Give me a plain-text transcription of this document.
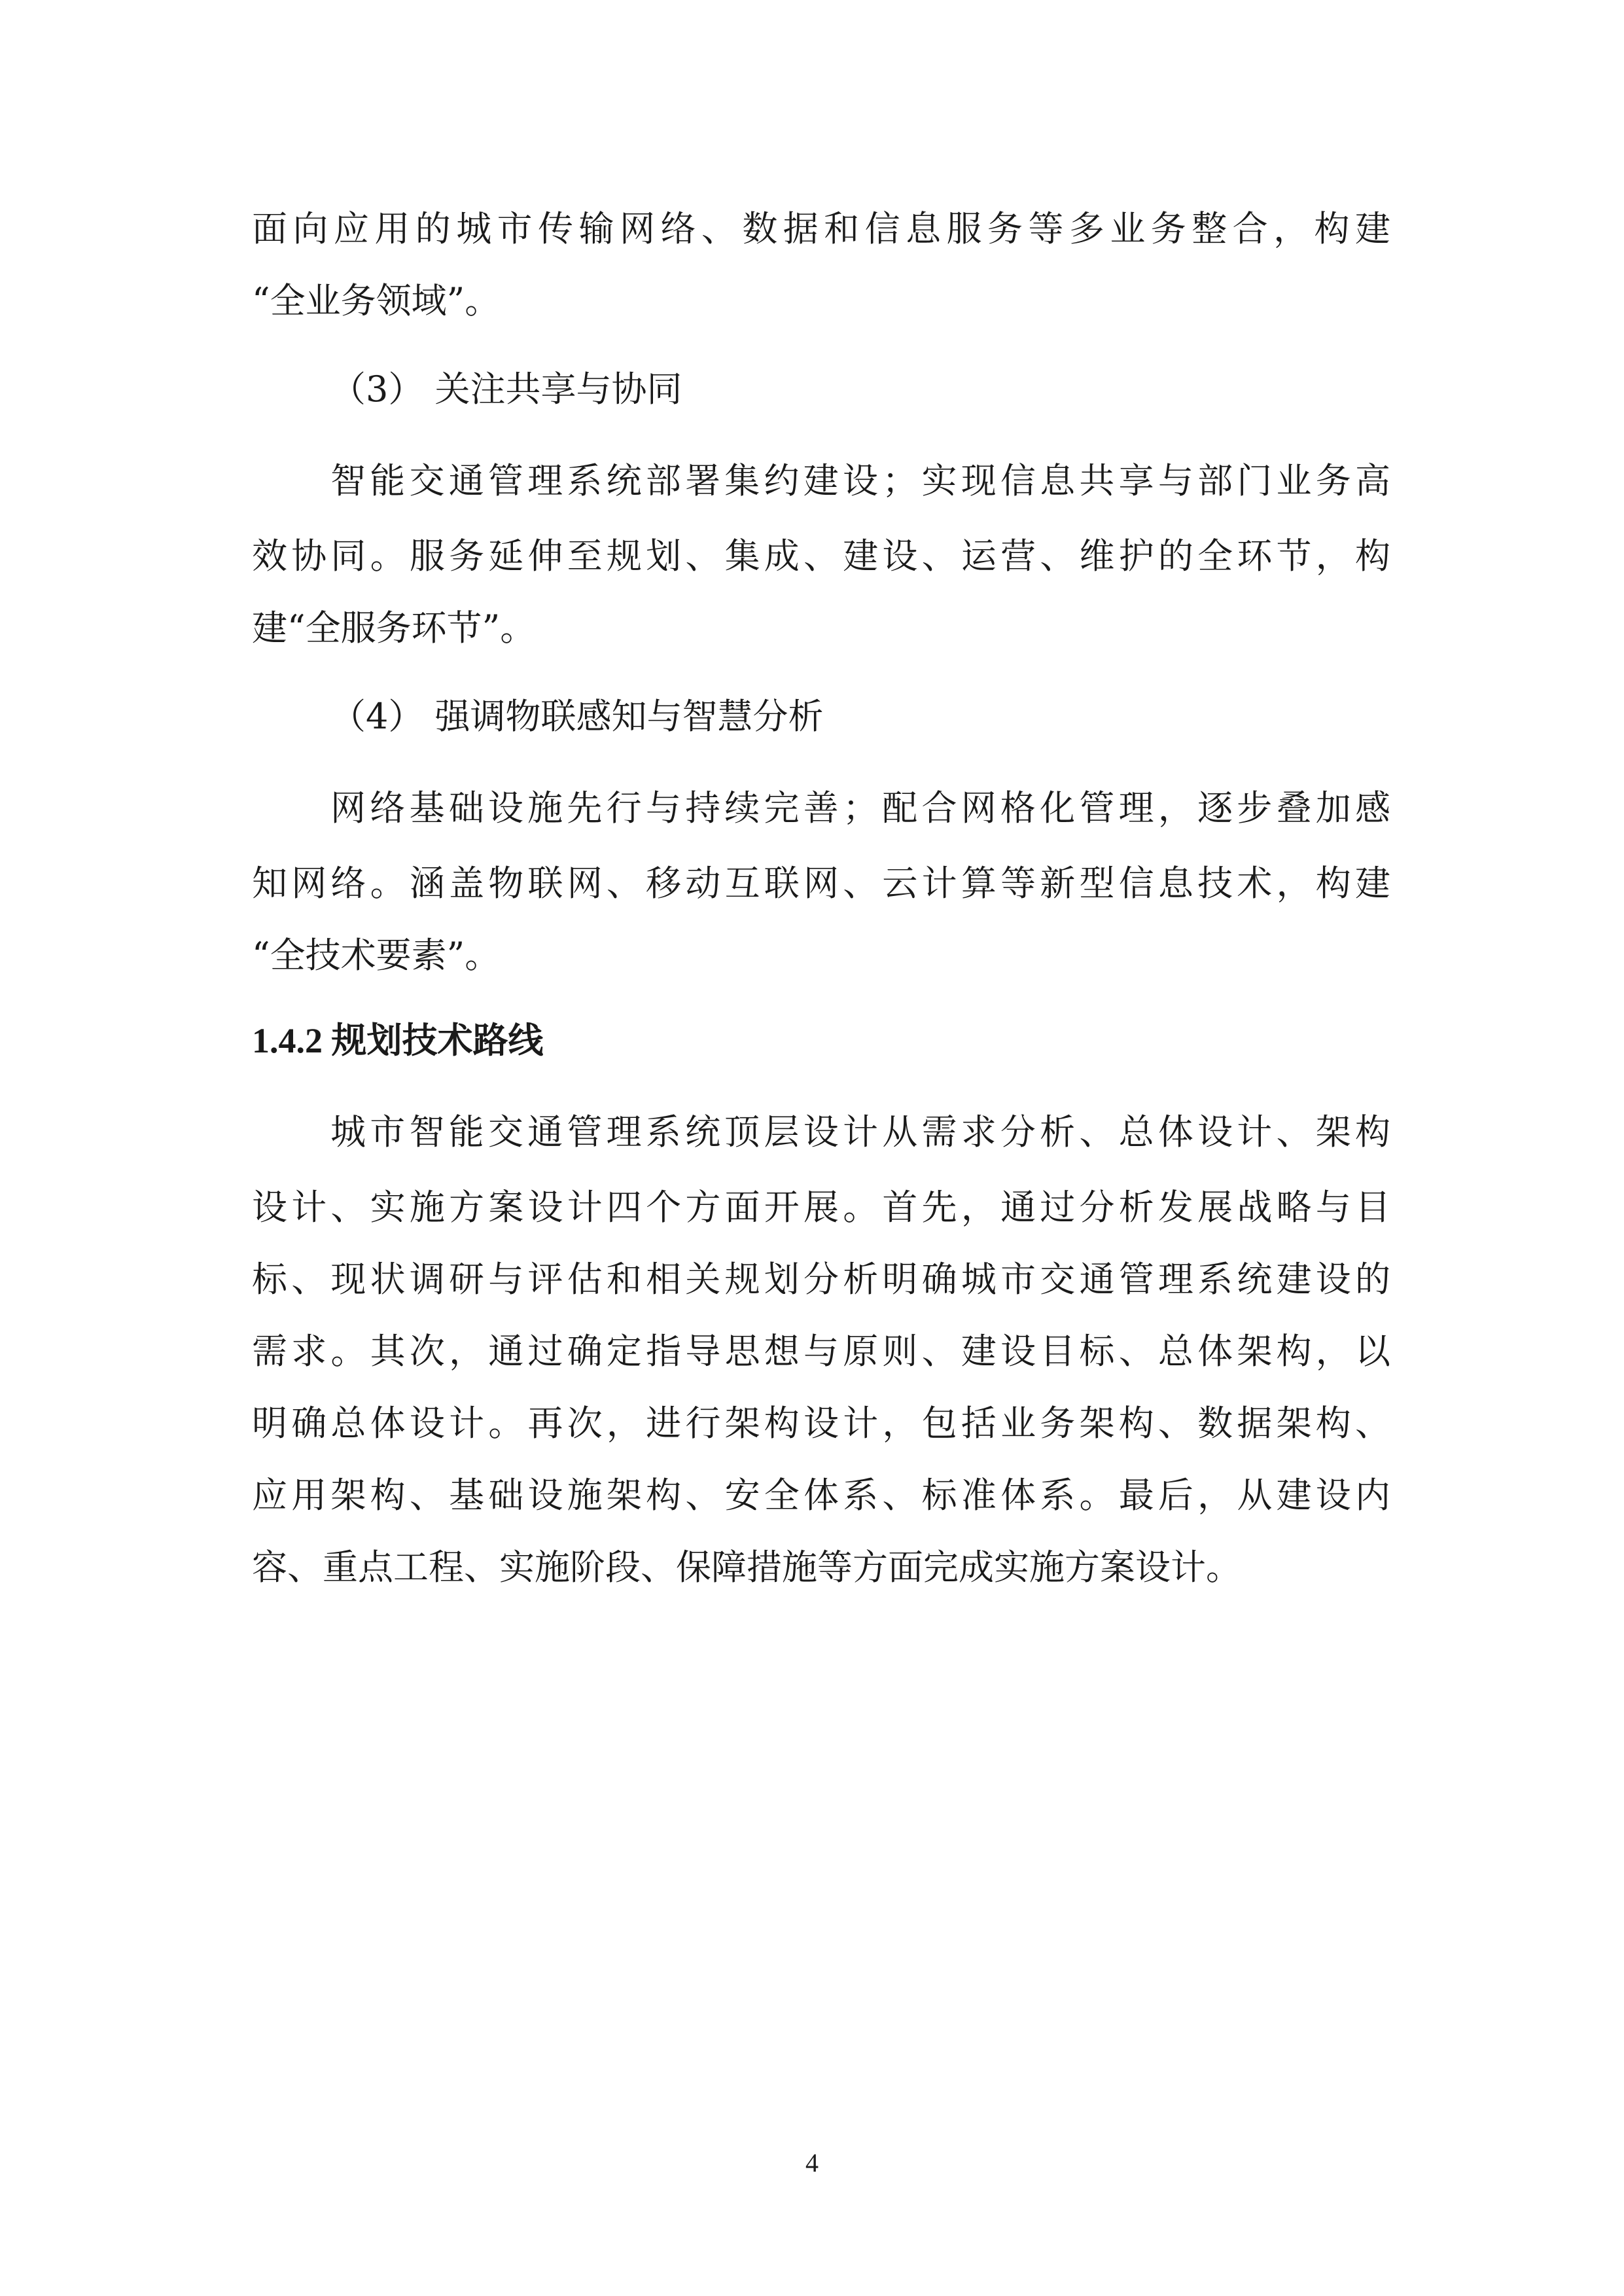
面向应用的城市传输网络、数据和信息服务等多业务整合，构建
“全业务领域”。
（3） 关注共享与协同
智能交通管理系统部署集约建设；实现信息共享与部门业务高
效协同。服务延伸至规划、集成、建设、运营、维护的全环节，构
建“全服务环节”。
（4） 强调物联感知与智慧分析
网络基础设施先行与持续完善；配合网格化管理，逐步叠加感
知网络。涵盖物联网、移动互联网、云计算等新型信息技术，构建
“全技术要素”。
1.4.2 规划技术路线
城市智能交通管理系统顶层设计从需求分析、总体设计、架构
设计、实施方案设计四个方面开展。首先，通过分析发展战略与目
标、现状调研与评估和相关规划分析明确城市交通管理系统建设的
需求。其次，通过确定指导思想与原则、建设目标、总体架构，以
明确总体设计。再次，进行架构设计，包括业务架构、数据架构、
应用架构、基础设施架构、安全体系、标准体系。最后，从建设内
容、重点工程、实施阶段、保障措施等方面完成实施方案设计。
4
